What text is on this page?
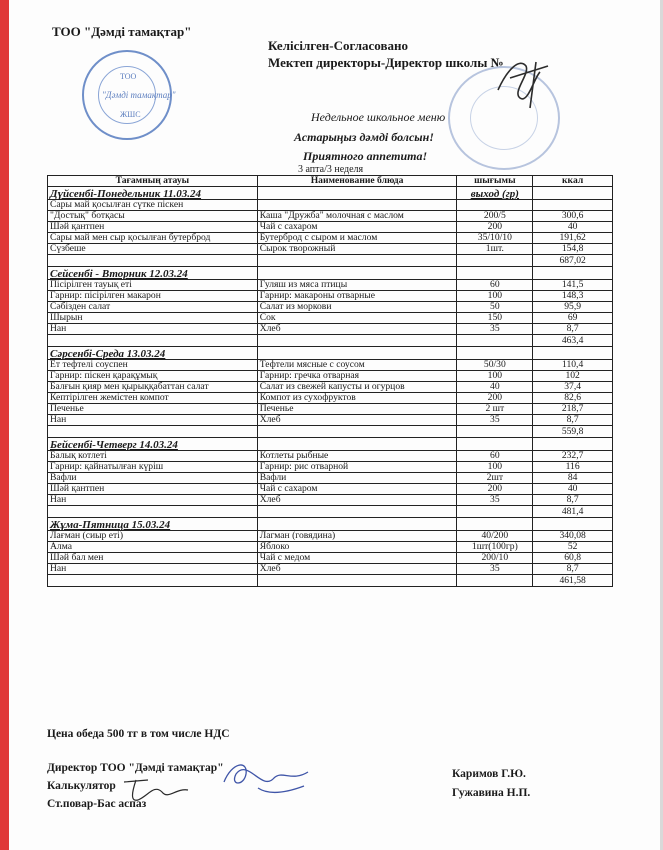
ТОО "Дәмді тамақтар"
Келісілген-Согласовано
Мектеп директоры-Директор школы №
ТОО
"Дәмді тамақтар"
ЖШС	Недельное школьное меню
Астарыңыз дәмді болсын!
Приятного аппетита!
3 апта/3 неделя
Тағамның атауы	Наименование блюда	шығымы	ккал
Дүйсенбі-Понедельник 11.03.24		выход (гр)	
Сары май қосылған сүтке піскен			
"Достық" ботқасы	Каша "Дружба" молочная с маслом	200/5	300,6
Шәй қантпен	Чай с сахаром	200	40
Сары май мен сыр қосылған бутерброд	Бутерброд с сыром и маслом	35/10/10	191,62
Сүзбеше	Сырок творожный	1шт.	154,8
			687,02
Сейсенбі - Вторник 12.03.24			
Пісірілген тауық еті	Гуляш из мяса птицы	60	141,5
Гарнир: пісірілген макарон	Гарнир: макароны отварные	100	148,3
Сәбізден салат	Салат из моркови	50	95,9
Шырын	Сок	150	69
Нан	Хлеб	35	8,7
			463,4
Сәрсенбі-Среда 13.03.24			
Ет тефтелі соуспен	Тефтели мясные с соусом	50/30	110,4
Гарнир: піскен қарақұмық	Гарнир: гречка отварная	100	102
Балғын қияр мен қырыққабаттан салат	Салат из свежей капусты и огурцов	40	37,4
Кептірілген жемістен компот	Компот из сухофруктов	200	82,6
Печенье	Печенье	2 шт	218,7
Нан	Хлеб	35	8,7
			559,8
Бейсенбі-Четверг 14.03.24			
Балық котлеті	Котлеты рыбные	60	232,7
Гарнир: қайнатылған күріш	Гарнир: рис отварной	100	116
Вафли	Вафли	2шт	84
Шәй қантпен	Чай с сахаром	200	40
Нан	Хлеб	35	8,7
			481,4
Жұма-Пятница 15.03.24			
Лағман (сиыр еті)	Лагман (говядина)	40/200	340,08
Алма	Яблоко	1шт(100гр)	52
Шәй бал мен	Чай с медом	200/10	60,8
Нан	Хлеб	35	8,7
			461,58
Цена обеда 500 тг в том числе НДС
Директор ТОО "Дәмді тамақтар"
Калькулятор
Ст.повар-Бас аспаз
Каримов Г.Ю.
Гужавина Н.П.
